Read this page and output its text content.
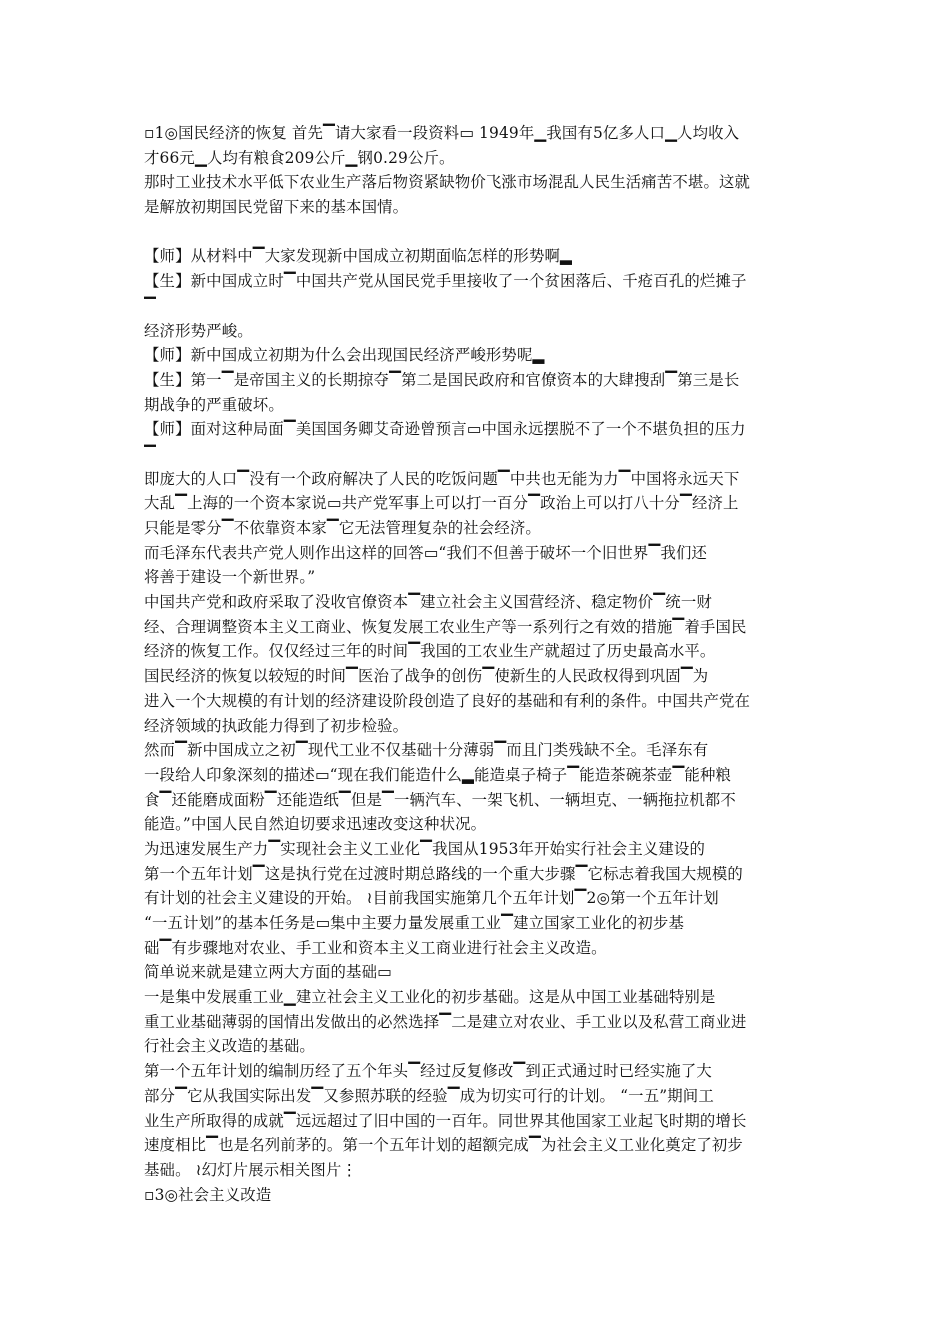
▫1◎国民经济的恢复 首先▔请大家看一段资料▭ 1949年▁我国有5亿多人口▁人均收入
才66元▁人均有粮食209公斤▁钢0.29公斤。
那时工业技术水平低下农业生产落后物资紧缺物价飞涨市场混乱人民生活痛苦不堪。这就
是解放初期国民党留下来的基本国情。
【师】从材料中▔大家发现新中国成立初期面临怎样的形势啊▂
【生】新中国成立时▔中国共产党从国民党手里接收了一个贫困落后、千疮百孔的烂摊子
▔
经济形势严峻。
【师】新中国成立初期为什么会出现国民经济严峻形势呢▂
【生】第一▔是帝国主义的长期掠夺▔第二是国民政府和官僚资本的大肆搜刮▔第三是长
期战争的严重破坏。
【师】面对这种局面▔美国国务卿艾奇逊曾预言▭中国永远摆脱不了一个不堪负担的压力
▔
即庞大的人口▔没有一个政府解决了人民的吃饭问题▔中共也无能为力▔中国将永远天下
大乱▔上海的一个资本家说▭共产党军事上可以打一百分▔政治上可以打八十分▔经济上
只能是零分▔不依靠资本家▔它无法管理复杂的社会经济。
而毛泽东代表共产党人则作出这样的回答▭“我们不但善于破坏一个旧世界▔我们还
将善于建设一个新世界。”
中国共产党和政府采取了没收官僚资本▔建立社会主义国营经济、稳定物价▔统一财
经、合理调整资本主义工商业、恢复发展工农业生产等一系列行之有效的措施▔着手国民
经济的恢复工作。仅仅经过三年的时间▔我国的工农业生产就超过了历史最高水平。
国民经济的恢复以较短的时间▔医治了战争的创伤▔使新生的人民政权得到巩固▔为
进入一个大规模的有计划的经济建设阶段创造了良好的基础和有利的条件。中国共产党在
经济领域的执政能力得到了初步检验。
然而▔新中国成立之初▔现代工业不仅基础十分薄弱▔而且门类残缺不全。毛泽东有
一段给人印象深刻的描述▭“现在我们能造什么▂能造桌子椅子▔能造茶碗茶壶▔能种粮
食▔还能磨成面粉▔还能造纸▔但是▔一辆汽车、一架飞机、一辆坦克、一辆拖拉机都不
能造。”中国人民自然迫切要求迅速改变这种状况。
为迅速发展生产力▔实现社会主义工业化▔我国从1953年开始实行社会主义建设的
第一个五年计划▔这是执行党在过渡时期总路线的一个重大步骤▔它标志着我国大规模的
有计划的社会主义建设的开始。 ≀目前我国实施第几个五年计划▔2◎第一个五年计划
“一五计划”的基本任务是▭集中主要力量发展重工业▔建立国家工业化的初步基
础▔有步骤地对农业、手工业和资本主义工商业进行社会主义改造。
简单说来就是建立两大方面的基础▭
一是集中发展重工业▁建立社会主义工业化的初步基础。这是从中国工业基础特别是
重工业基础薄弱的国情出发做出的必然选择▔二是建立对农业、手工业以及私营工商业进
行社会主义改造的基础。
第一个五年计划的编制历经了五个年头▔经过反复修改▔到正式通过时已经实施了大
部分▔它从我国实际出发▔又参照苏联的经验▔成为切实可行的计划。 “一五”期间工
业生产所取得的成就▔远远超过了旧中国的一百年。同世界其他国家工业起飞时期的增长
速度相比▔也是名列前茅的。第一个五年计划的超额完成▔为社会主义工业化奠定了初步
基础。 ≀幻灯片展示相关图片⋮
▫3◎社会主义改造
